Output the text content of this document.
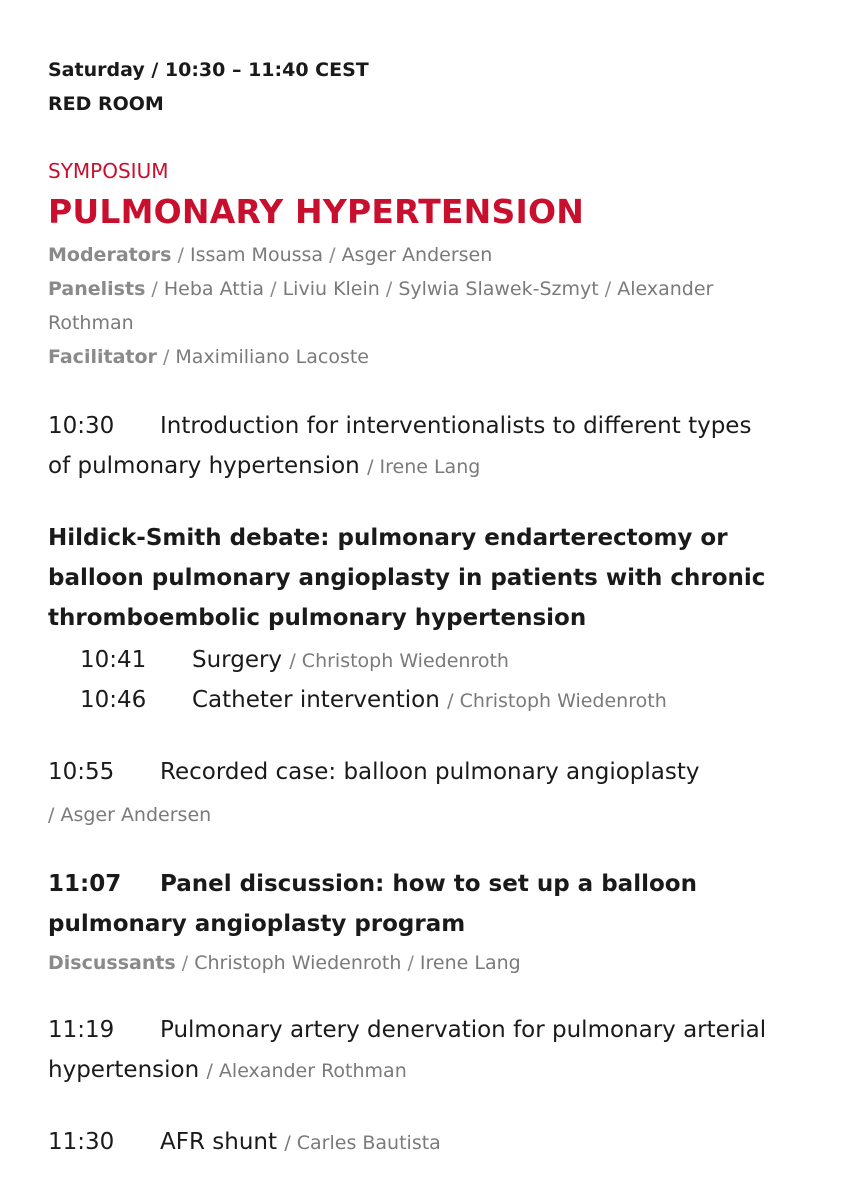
Saturday / 10:30 – 11:40 CEST
RED ROOM
SYMPOSIUM
PULMONARY HYPERTENSION
Moderators / Issam Moussa / Asger Andersen
Panelists / Heba Attia / Liviu Klein / Sylwia Slawek-Szmyt / Alexander
Rothman
Facilitator / Maximiliano Lacoste
10:30 Introduction for interventionalists to different types
of pulmonary hypertension / Irene Lang
Hildick-Smith debate: pulmonary endarterectomy or
balloon pulmonary angioplasty in patients with chronic
thromboembolic pulmonary hypertension
10:41 Surgery / Christoph Wiedenroth
10:46 Catheter intervention / Christoph Wiedenroth
10:55 Recorded case: balloon pulmonary angioplasty
/ Asger Andersen
11:07 Panel discussion: how to set up a balloon
pulmonary angioplasty program
Discussants / Christoph Wiedenroth / Irene Lang
11:19 Pulmonary artery denervation for pulmonary arterial
hypertension / Alexander Rothman
11:30 AFR shunt / Carles Bautista
